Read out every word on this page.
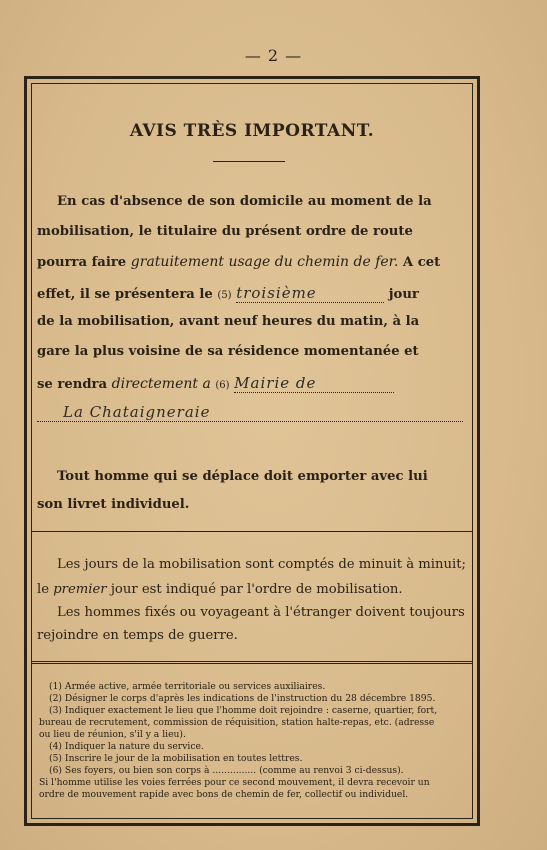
— 2 —
AVIS TRÈS IMPORTANT.
En cas d'absence de son domicile au moment de la
mobilisation, le titulaire du présent ordre de route
pourra faire gratuitement usage du chemin de fer. A cet
effet, il se présentera le (5) troisième	jour
de la mobilisation, avant neuf heures du matin, à la
gare la plus voisine de sa résidence momentanée et
se rendra directement a (6) Mairie de
La Chataigneraie
Tout homme qui se déplace doit emporter avec lui
son livret individuel.
Les jours de la mobilisation sont comptés de minuit à minuit;
le premier jour est indiqué par l'ordre de mobilisation.
Les hommes fixés ou voyageant à l'étranger doivent toujours
rejoindre en temps de guerre.
(1) Armée active, armée territoriale ou services auxiliaires.
(2) Désigner le corps d'après les indications de l'instruction du 28 décembre 1895.
(3) Indiquer exactement le lieu que l'homme doit rejoindre : caserne, quartier, fort,
bureau de recrutement, commission de réquisition, station halte-repas, etc. (adresse
ou lieu de réunion, s'il y a lieu).
(4) Indiquer la nature du service.
(5) Inscrire le jour de la mobilisation en toutes lettres.
(6) Ses foyers, ou bien son corps à ............... (comme au renvoi 3 ci-dessus).
Si l'homme utilise les voies ferrées pour ce second mouvement, il devra recevoir un
ordre de mouvement rapide avec bons de chemin de fer, collectif ou individuel.
